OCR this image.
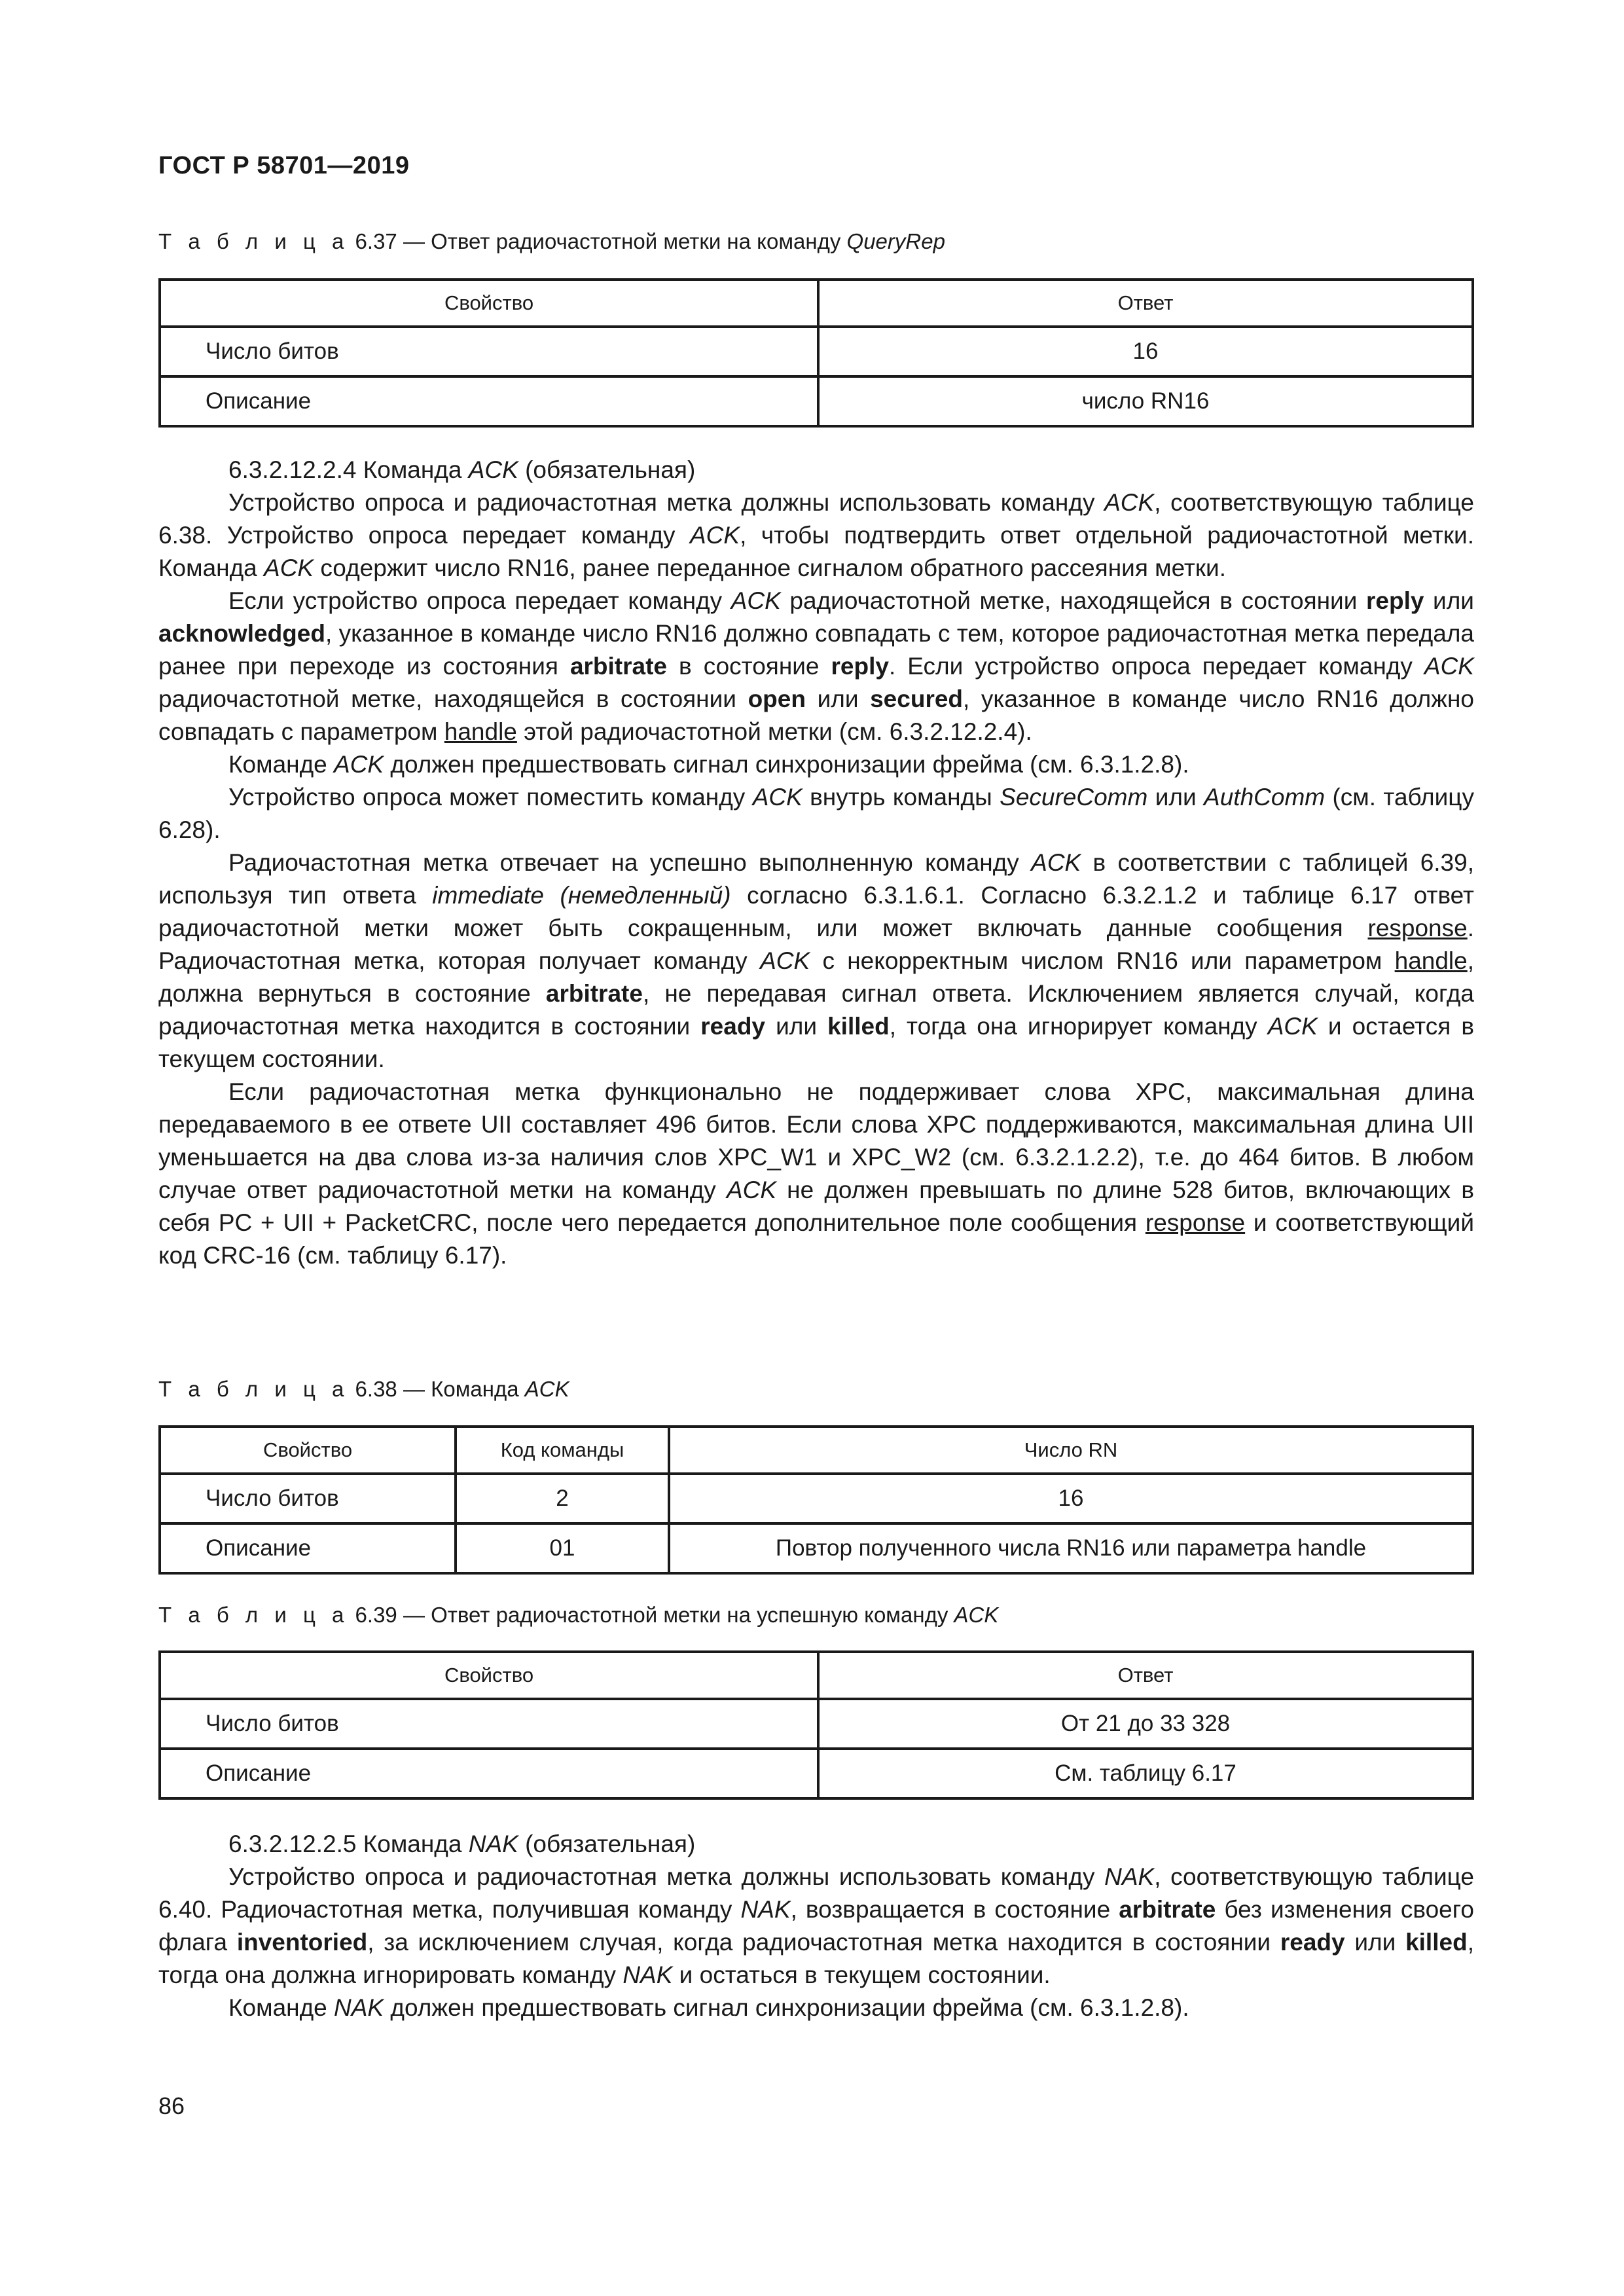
ГОСТ Р 58701—2019
Т а б л и ц а 6.37 — Ответ радиочастотной метки на команду QueryRep
Свойство	Ответ
Число битов	16
Описание	число RN16

6.3.2.12.2.4 Команда ACK (обязательная)

Устройство опроса и радиочастотная метка должны использовать команду ACK, соответствующую таблице 6.38. Устройство опроса передает команду ACK, чтобы подтвердить ответ отдельной радиочастотной метки. Команда ACK содержит число RN16, ранее переданное сигналом обратного рассеяния метки.

Если устройство опроса передает команду ACK радиочастотной метке, находящейся в состоянии reply или acknowledged, указанное в команде число RN16 должно совпадать с тем, которое радиочастотная метка передала ранее при переходе из состояния arbitrate в состояние reply. Если устройство опроса передает команду ACK радиочастотной метке, находящейся в состоянии open или secured, указанное в команде число RN16 должно совпадать с параметром handle этой радиочастотной метки (см. 6.3.2.12.2.4).

Команде ACK должен предшествовать сигнал синхронизации фрейма (см. 6.3.1.2.8).

Устройство опроса может поместить команду ACK внутрь команды SecureComm или AuthComm (см. таблицу 6.28).

Радиочастотная метка отвечает на успешно выполненную команду ACK в соответствии с таблицей 6.39, используя тип ответа immediate (немедленный) согласно 6.3.1.6.1. Согласно 6.3.2.1.2 и таблице 6.17 ответ радиочастотной метки может быть сокращенным, или может включать данные сообщения response. Радиочастотная метка, которая получает команду ACK с некорректным числом RN16 или параметром handle, должна вернуться в состояние arbitrate, не передавая сигнал ответа. Исключением является случай, когда радиочастотная метка находится в состоянии ready или killed, тогда она игнорирует команду ACK и остается в текущем состоянии.

Если радиочастотная метка функционально не поддерживает слова XPC, максимальная длина передаваемого в ее ответе UII составляет 496 битов. Если слова XPC поддерживаются, максимальная длина UII уменьшается на два слова из-за наличия слов XPC_W1 и XPC_W2 (см. 6.3.2.1.2.2), т.е. до 464 битов. В любом случае ответ радиочастотной метки на команду ACK не должен превышать по длине 528 битов, включающих в себя PC + UII + PacketCRC, после чего передается дополнительное поле сообщения response и соответствующий код CRC-16 (см. таблицу 6.17).

Т а б л и ц а 6.38 — Команда ACK
Свойство	Код команды	Число RN
Число битов	2	16
Описание	01	Повтор полученного числа RN16 или параметра handle
Т а б л и ц а 6.39 — Ответ радиочастотной метки на успешную команду ACK
Свойство	Ответ
Число битов	От 21 до 33 328
Описание	См. таблицу 6.17

6.3.2.12.2.5 Команда NAK (обязательная)

Устройство опроса и радиочастотная метка должны использовать команду NAK, соответствующую таблице 6.40. Радиочастотная метка, получившая команду NAK, возвращается в состояние arbitrate без изменения своего флага inventoried, за исключением случая, когда радиочастотная метка находится в состоянии ready или killed, тогда она должна игнорировать команду NAK и остаться в текущем состоянии.

Команде NAK должен предшествовать сигнал синхронизации фрейма (см. 6.3.1.2.8).

86
